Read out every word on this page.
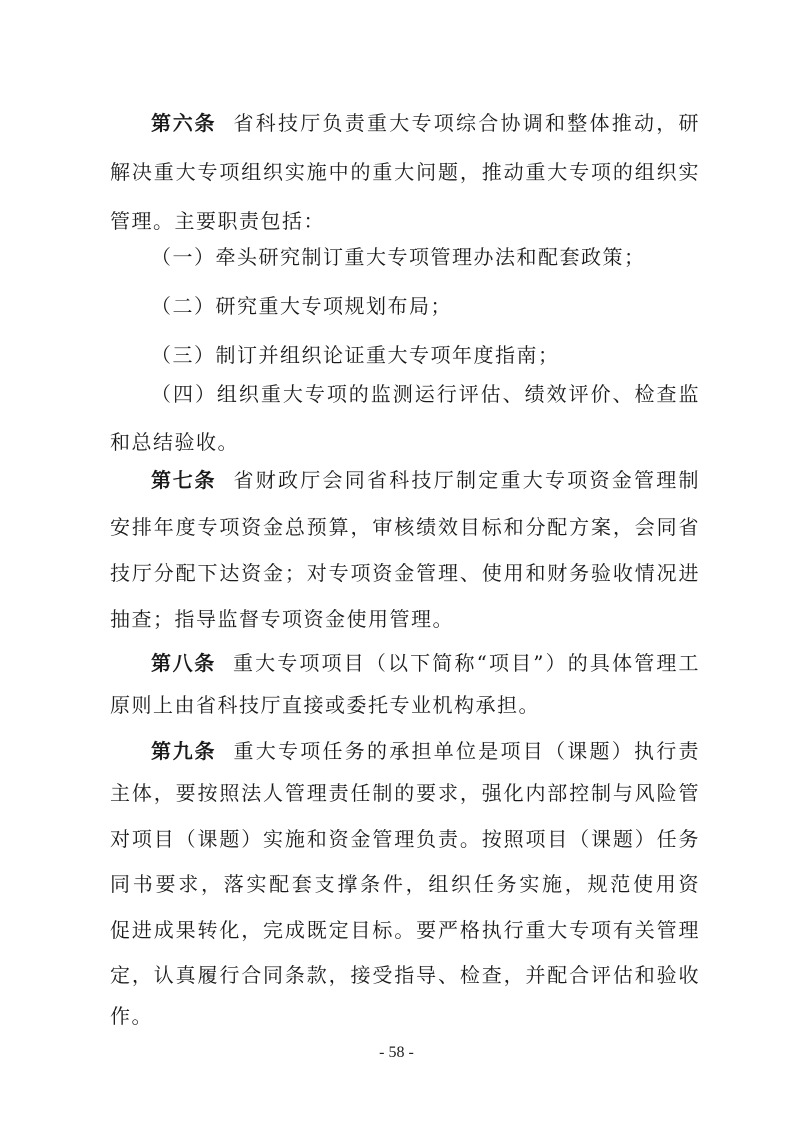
第六条 省科技厅负责重大专项综合协调和整体推动，研
解决重大专项组织实施中的重大问题，推动重大专项的组织实
管理。主要职责包括：
（一）牵头研究制订重大专项管理办法和配套政策；
（二）研究重大专项规划布局；
（三）制订并组织论证重大专项年度指南；
（四）组织重大专项的监测运行评估、绩效评价、检查监
和总结验收。
第七条 省财政厅会同省科技厅制定重大专项资金管理制
安排年度专项资金总预算，审核绩效目标和分配方案，会同省
技厅分配下达资金；对专项资金管理、使用和财务验收情况进
抽查；指导监督专项资金使用管理。
第八条 重大专项项目（以下简称“项目”）的具体管理工
原则上由省科技厅直接或委托专业机构承担。
第九条 重大专项任务的承担单位是项目（课题）执行责
主体，要按照法人管理责任制的要求，强化内部控制与风险管
对项目（课题）实施和资金管理负责。按照项目（课题）任务
同书要求，落实配套支撑条件，组织任务实施，规范使用资
促进成果转化，完成既定目标。要严格执行重大专项有关管理
定，认真履行合同条款，接受指导、检查，并配合评估和验收
作。
- 58 -
